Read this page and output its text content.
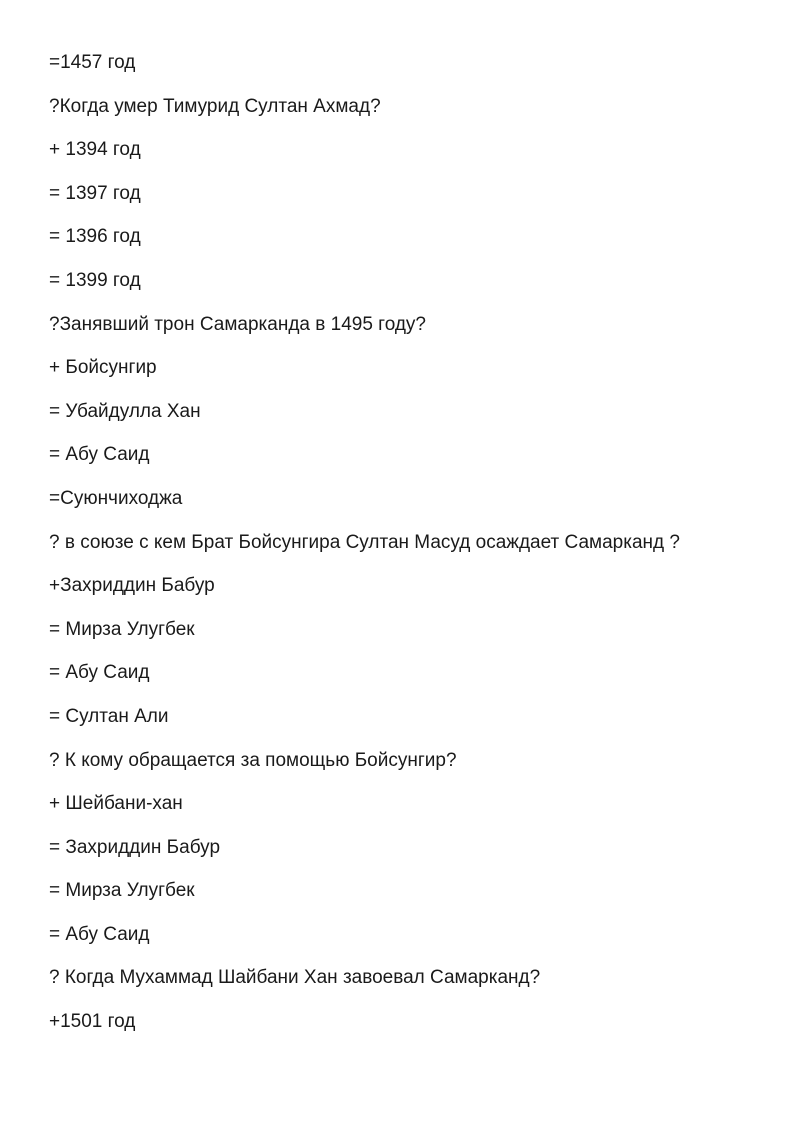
=1457 год
?Когда умер Тимурид Султан Ахмад?
+ 1394 год
= 1397 год
= 1396 год
= 1399 год
?Занявший трон Самарканда в 1495 году?
+ Бойсунгир
= Убайдулла Хан
= Абу Саид
=Суюнчиходжа
? в союзе с кем Брат Бойсунгира Султан Масуд осаждает Самарканд ?
+Захриддин Бабур
= Мирза Улугбек
= Абу Саид
= Султан Али
? К кому обращается за помощью Бойсунгир?
+ Шейбани-хан
= Захриддин Бабур
= Мирза Улугбек
= Абу Саид
? Когда Мухаммад Шайбани Хан завоевал Самарканд?
+1501 год
